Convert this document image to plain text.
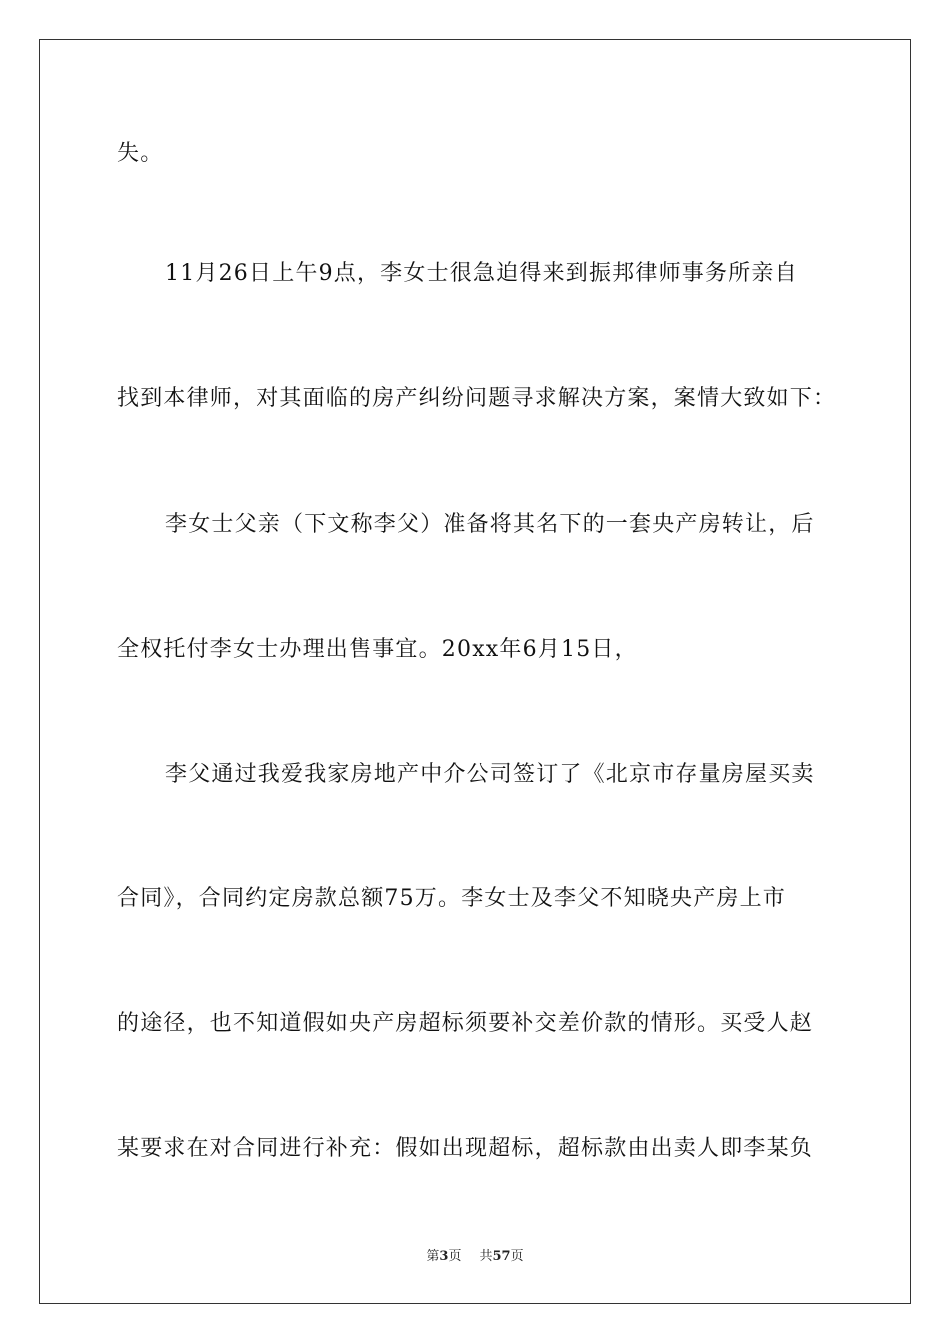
失。
11月26日上午9点，李女士很急迫得来到振邦律师事务所亲自
找到本律师，对其面临的房产纠纷问题寻求解决方案，案情大致如下：
李女士父亲（下文称李父）准备将其名下的一套央产房转让，后
全权托付李女士办理出售事宜。20xx年6月15日，
李父通过我爱我家房地产中介公司签订了《北京市存量房屋买卖
合同》，合同约定房款总额75万。李女士及李父不知晓央产房上市
的途径，也不知道假如央产房超标须要补交差价款的情形。买受人赵
某要求在对合同进行补充：假如出现超标，超标款由出卖人即李某负
第3页 共57页
